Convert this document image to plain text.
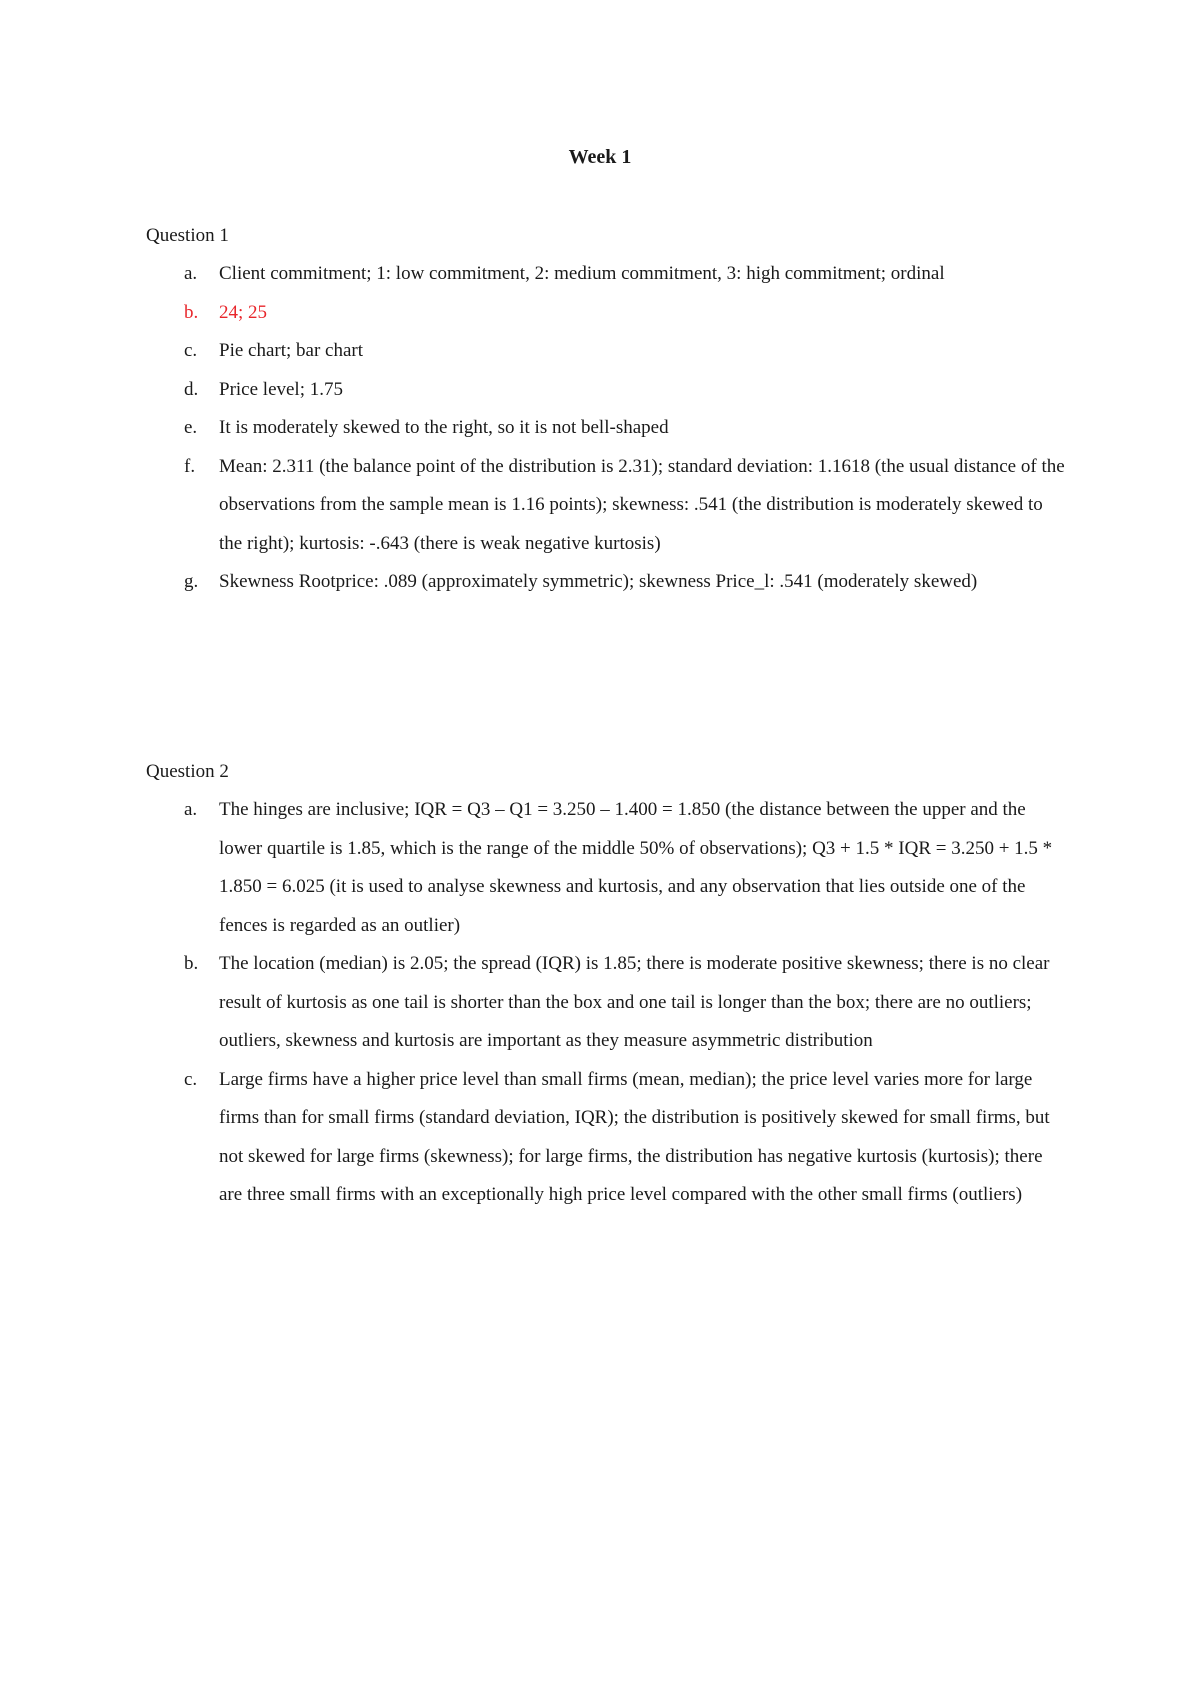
Week 1

Question 1

a. Client commitment; 1: low commitment, 2: medium commitment, 3: high commitment; ordinal
b. 24; 25
c. Pie chart; bar chart
d. Price level; 1.75
e. It is moderately skewed to the right, so it is not bell-shaped
f. Mean: 2.311 (the balance point of the distribution is 2.31); standard deviation: 1.1618 (the usual distance of the observations from the sample mean is 1.16 points); skewness: .541 (the distribution is moderately skewed to the right); kurtosis: -.643 (there is weak negative kurtosis)
g. Skewness Rootprice: .089 (approximately symmetric); skewness Price_l: .541 (moderately skewed)

Question 2

a. The hinges are inclusive; IQR = Q3 – Q1 = 3.250 – 1.400 = 1.850 (the distance between the upper and the lower quartile is 1.85, which is the range of the middle 50% of observations); Q3 + 1.5 * IQR = 3.250 + 1.5 * 1.850 = 6.025 (it is used to analyse skewness and kurtosis, and any observation that lies outside one of the fences is regarded as an outlier)
b. The location (median) is 2.05; the spread (IQR) is 1.85; there is moderate positive skewness; there is no clear result of kurtosis as one tail is shorter than the box and one tail is longer than the box; there are no outliers; outliers, skewness and kurtosis are important as they measure asymmetric distribution
c. Large firms have a higher price level than small firms (mean, median); the price level varies more for large firms than for small firms (standard deviation, IQR); the distribution is positively skewed for small firms, but not skewed for large firms (skewness); for large firms, the distribution has negative kurtosis (kurtosis); there are three small firms with an exceptionally high price level compared with the other small firms (outliers)
